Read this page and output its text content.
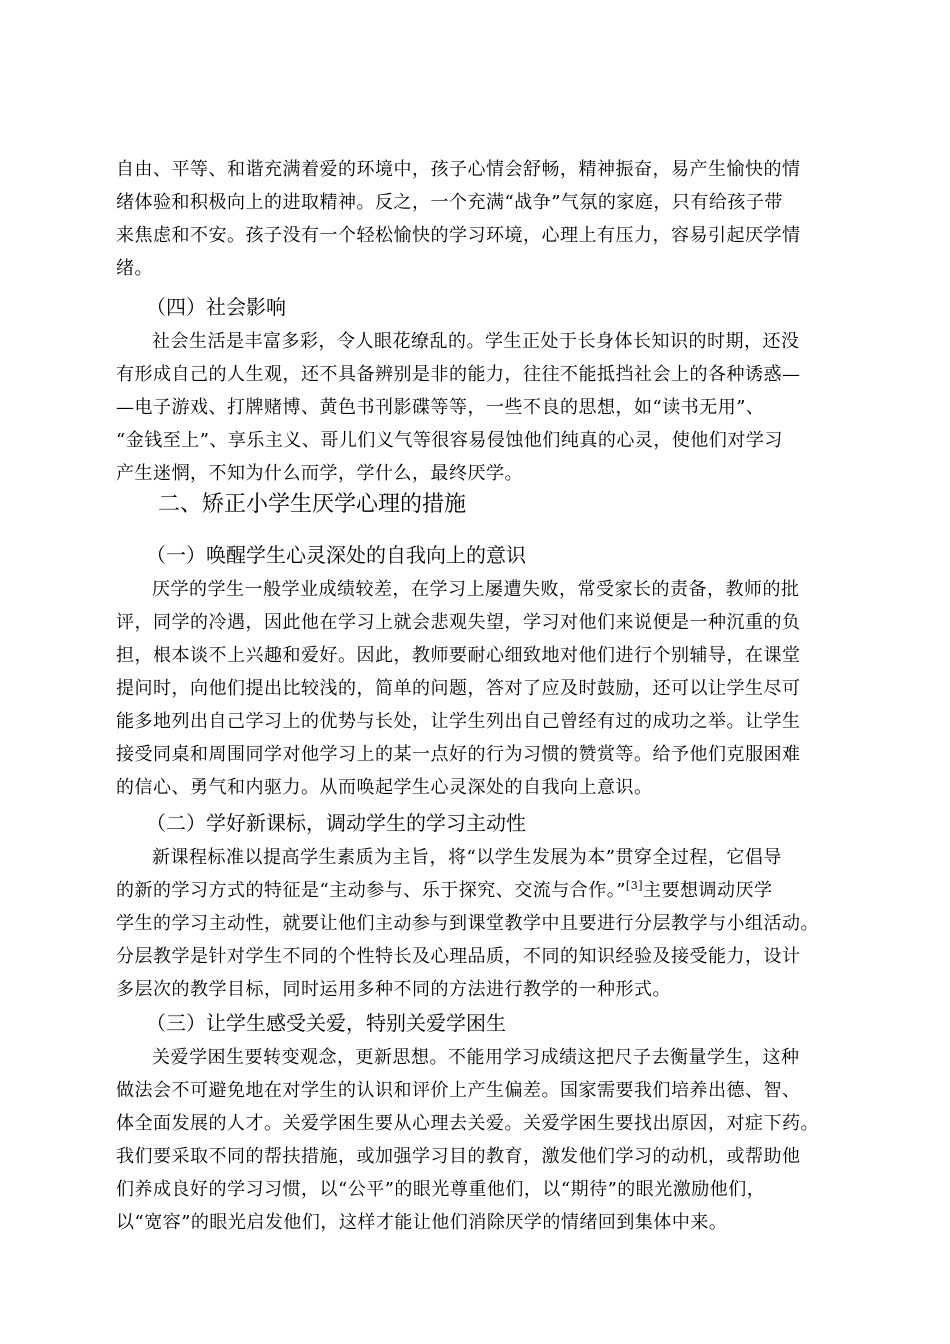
自由、平等、和谐充满着爱的环境中，孩子心情会舒畅，精神振奋，易产生愉快的情
绪体验和积极向上的进取精神。反之，一个充满“战争”气氛的家庭，只有给孩子带
来焦虑和不安。孩子没有一个轻松愉快的学习环境，心理上有压力，容易引起厌学情
绪。
（四）社会影响
社会生活是丰富多彩，令人眼花缭乱的。学生正处于长身体长知识的时期，还没
有形成自己的人生观，还不具备辨别是非的能力，往往不能抵挡社会上的各种诱惑—
—电子游戏、打牌赌博、黄色书刊影碟等等，一些不良的思想，如“读书无用”、
“金钱至上”、享乐主义、哥儿们义气等很容易侵蚀他们纯真的心灵，使他们对学习
产生迷惘，不知为什么而学，学什么，最终厌学。
二、矫正小学生厌学心理的措施
（一）唤醒学生心灵深处的自我向上的意识
厌学的学生一般学业成绩较差，在学习上屡遭失败，常受家长的责备，教师的批
评，同学的冷遇，因此他在学习上就会悲观失望，学习对他们来说便是一种沉重的负
担，根本谈不上兴趣和爱好。因此，教师要耐心细致地对他们进行个别辅导，在课堂
提问时，向他们提出比较浅的，简单的问题，答对了应及时鼓励，还可以让学生尽可
能多地列出自己学习上的优势与长处，让学生列出自己曾经有过的成功之举。让学生
接受同桌和周围同学对他学习上的某一点好的行为习惯的赞赏等。给予他们克服困难
的信心、勇气和内驱力。从而唤起学生心灵深处的自我向上意识。
（二）学好新课标，调动学生的学习主动性
新课程标准以提高学生素质为主旨，将“以学生发展为本”贯穿全过程，它倡导
的新的学习方式的特征是“主动参与、乐于探究、交流与合作。”[3]主要想调动厌学
学生的学习主动性，就要让他们主动参与到课堂教学中且要进行分层教学与小组活动。
分层教学是针对学生不同的个性特长及心理品质，不同的知识经验及接受能力，设计
多层次的教学目标，同时运用多种不同的方法进行教学的一种形式。
（三）让学生感受关爱，特别关爱学困生
关爱学困生要转变观念，更新思想。不能用学习成绩这把尺子去衡量学生，这种
做法会不可避免地在对学生的认识和评价上产生偏差。国家需要我们培养出德、智、
体全面发展的人才。关爱学困生要从心理去关爱。关爱学困生要找出原因，对症下药。
我们要采取不同的帮扶措施，或加强学习目的教育，激发他们学习的动机，或帮助他
们养成良好的学习习惯，以“公平”的眼光尊重他们，以“期待”的眼光激励他们，
以“宽容”的眼光启发他们，这样才能让他们消除厌学的情绪回到集体中来。
